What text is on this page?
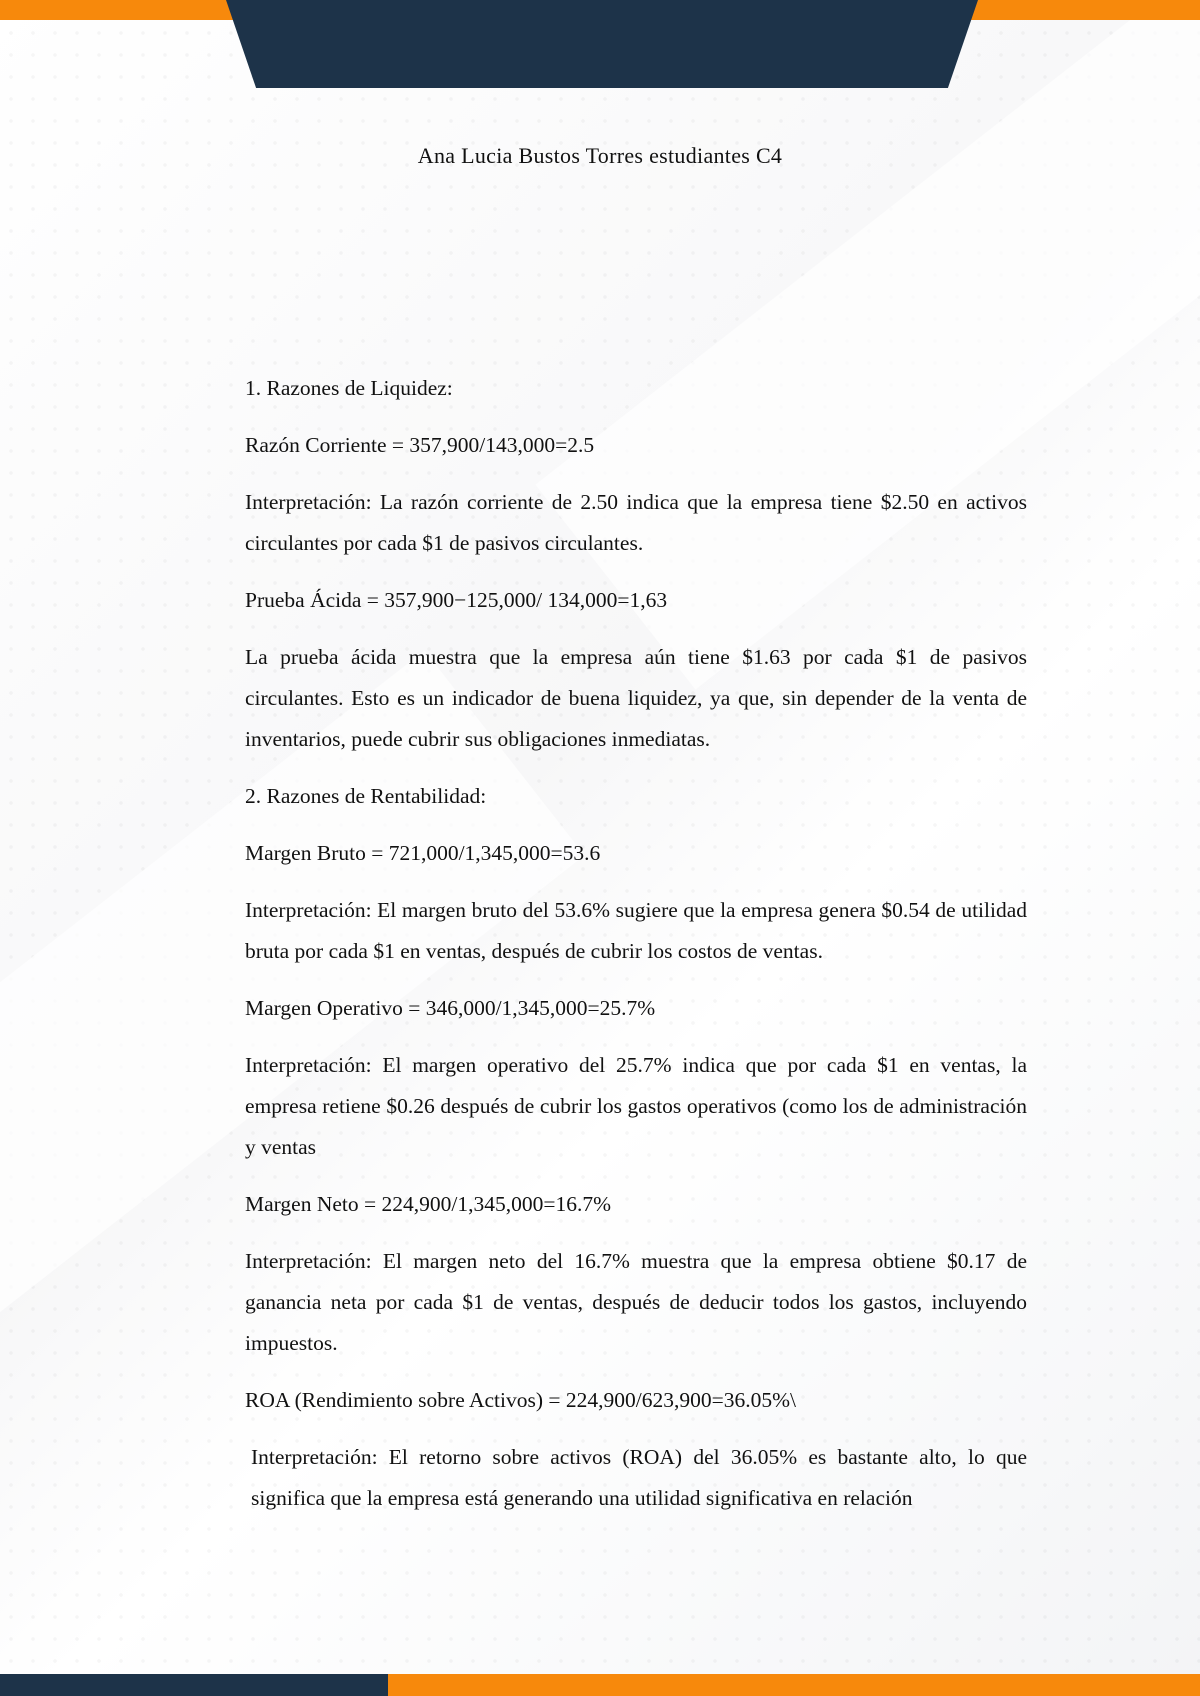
Ana Lucia Bustos Torres estudiantes C4

1. Razones de Liquidez:

Razón Corriente = 357,900/143,000=2.5

Interpretación: La razón corriente de 2.50 indica que la empresa tiene $2.50 en activos circulantes por cada $1 de pasivos circulantes.

Prueba Ácida = 357,900−125,000/ 134,000=1,63

La prueba ácida muestra que la empresa aún tiene $1.63 por cada $1 de pasivos circulantes. Esto es un indicador de buena liquidez, ya que, sin depender de la venta de inventarios, puede cubrir sus obligaciones inmediatas.

2. Razones de Rentabilidad:

Margen Bruto = 721,000/1,345,000=53.6

Interpretación: El margen bruto del 53.6% sugiere que la empresa genera $0.54 de utilidad bruta por cada $1 en ventas, después de cubrir los costos de ventas.

Margen Operativo = 346,000/1,345,000=25.7%

Interpretación: El margen operativo del 25.7% indica que por cada $1 en ventas, la empresa retiene $0.26 después de cubrir los gastos operativos (como los de administración y ventas

Margen Neto = 224,900/1,345,000=16.7%

Interpretación: El margen neto del 16.7% muestra que la empresa obtiene $0.17 de ganancia neta por cada $1 de ventas, después de deducir todos los gastos, incluyendo impuestos.

ROA (Rendimiento sobre Activos) = 224,900/623,900=36.05%\

Interpretación: El retorno sobre activos (ROA) del 36.05% es bastante alto, lo que significa que la empresa está generando una utilidad significativa en relación
